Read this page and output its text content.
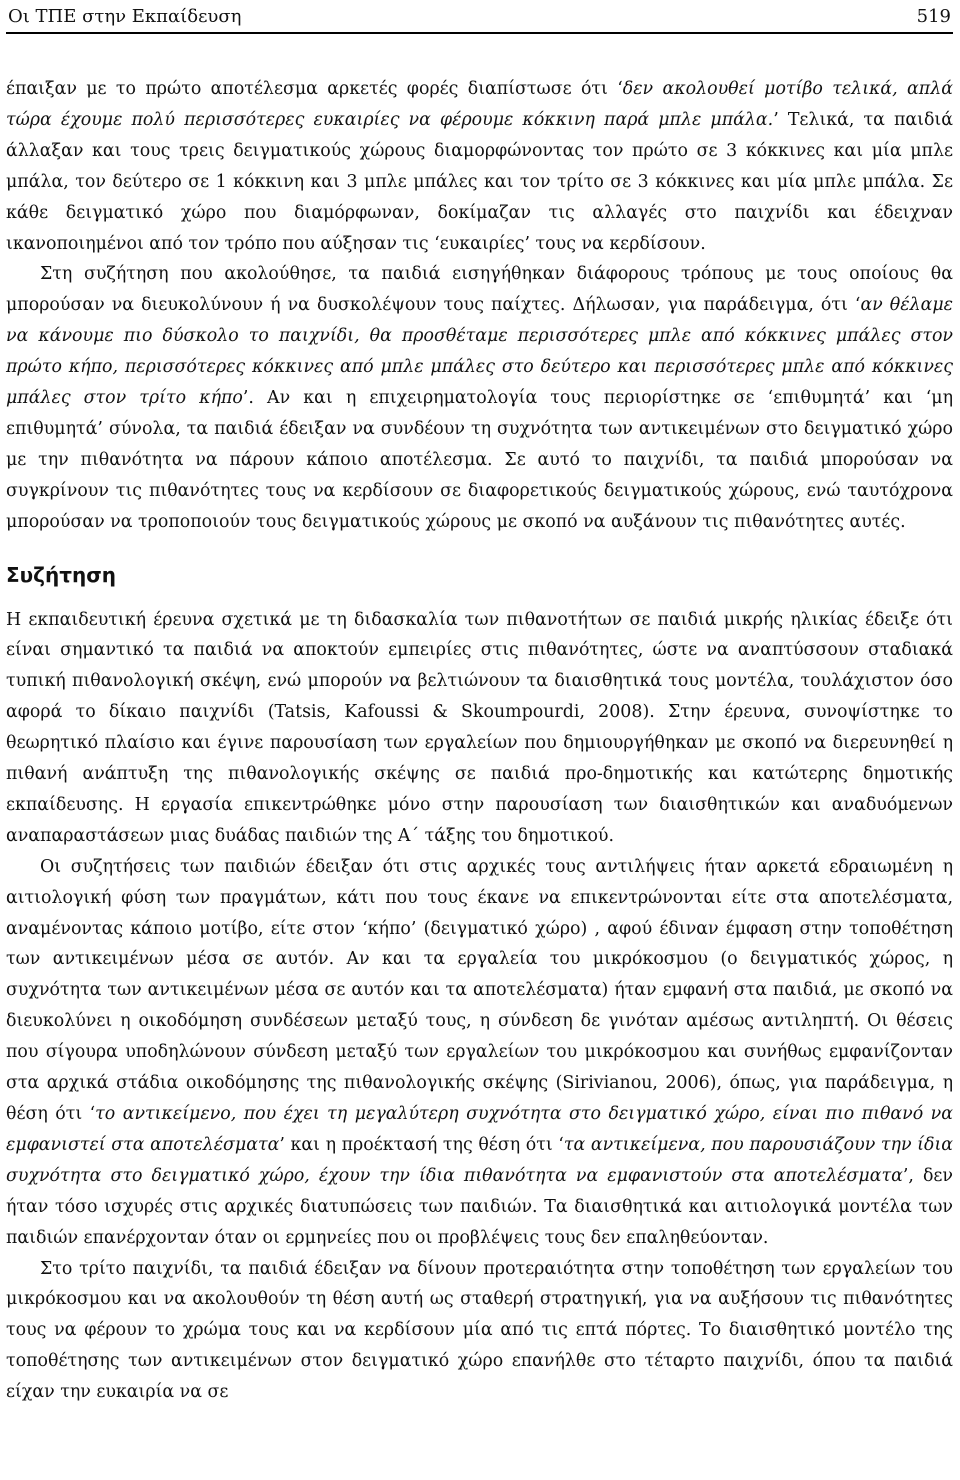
Οι ΤΠΕ στην Εκπαίδευση	519

έπαιξαν με το πρώτο αποτέλεσμα αρκετές φορές διαπίστωσε ότι ‘δεν ακολουθεί μοτίβο τελικά, απλά τώρα έχουμε πολύ περισσότερες ευκαιρίες να φέρουμε κόκκινη παρά μπλε μπάλα.’ Τελικά, τα παιδιά άλλαξαν και τους τρεις δειγματικούς χώρους διαμορφώνοντας τον πρώτο σε 3 κόκκινες και μία μπλε μπάλα, τον δεύτερο σε 1 κόκκινη και 3 μπλε μπάλες και τον τρίτο σε 3 κόκκινες και μία μπλε μπάλα. Σε κάθε δειγματικό χώρο που διαμόρφωναν, δοκίμαζαν τις αλλαγές στο παιχνίδι και έδειχναν ικανοποιημένοι από τον τρόπο που αύξησαν τις ‘ευκαιρίες’ τους να κερδίσουν.

Στη συζήτηση που ακολούθησε, τα παιδιά εισηγήθηκαν διάφορους τρόπους με τους οποίους θα μπορούσαν να διευκολύνουν ή να δυσκολέψουν τους παίχτες. Δήλωσαν, για παράδειγμα, ότι ‘αν θέλαμε να κάνουμε πιο δύσκολο το παιχνίδι, θα προσθέταμε περισσότερες μπλε από κόκκινες μπάλες στον πρώτο κήπο, περισσότερες κόκκινες από μπλε μπάλες στο δεύτερο και περισσότερες μπλε από κόκκινες μπάλες στον τρίτο κήπο’. Αν και η επιχειρηματολογία τους περιορίστηκε σε ‘επιθυμητά’ και ‘μη επιθυμητά’ σύνολα, τα παιδιά έδειξαν να συνδέουν τη συχνότητα των αντικειμένων στο δειγματικό χώρο με την πιθανότητα να πάρουν κάποιο αποτέλεσμα. Σε αυτό το παιχνίδι, τα παιδιά μπορούσαν να συγκρίνουν τις πιθανότητες τους να κερδίσουν σε διαφορετικούς δειγματικούς χώρους, ενώ ταυτόχρονα μπορούσαν να τροποποιούν τους δειγματικούς χώρους με σκοπό να αυξάνουν τις πιθανότητες αυτές.

Συζήτηση

Η εκπαιδευτική έρευνα σχετικά με τη διδασκαλία των πιθανοτήτων σε παιδιά μικρής ηλικίας έδειξε ότι είναι σημαντικό τα παιδιά να αποκτούν εμπειρίες στις πιθανότητες, ώστε να αναπτύσσουν σταδιακά τυπική πιθανολογική σκέψη, ενώ μπορούν να βελτιώνουν τα διαισθητικά τους μοντέλα, τουλάχιστον όσο αφορά το δίκαιο παιχνίδι (Tatsis, Kafoussi & Skoumpourdi, 2008). Στην έρευνα, συνοψίστηκε το θεωρητικό πλαίσιο και έγινε παρουσίαση των εργαλείων που δημιουργήθηκαν με σκοπό να διερευνηθεί η πιθανή ανάπτυξη της πιθανολογικής σκέψης σε παιδιά προ-δημοτικής και κατώτερης δημοτικής εκπαίδευσης. Η εργασία επικεντρώθηκε μόνο στην παρουσίαση των διαισθητικών και αναδυόμενων αναπαραστάσεων μιας δυάδας παιδιών της Α΄ τάξης του δημοτικού.

Οι συζητήσεις των παιδιών έδειξαν ότι στις αρχικές τους αντιλήψεις ήταν αρκετά εδραιωμένη η αιτιολογική φύση των πραγμάτων, κάτι που τους έκανε να επικεντρώνονται είτε στα αποτελέσματα, αναμένοντας κάποιο μοτίβο, είτε στον ‘κήπο’ (δειγματικό χώρο) , αφού έδιναν έμφαση στην τοποθέτηση των αντικειμένων μέσα σε αυτόν. Αν και τα εργαλεία του μικρόκοσμου (ο δειγματικός χώρος, η συχνότητα των αντικειμένων μέσα σε αυτόν και τα αποτελέσματα) ήταν εμφανή στα παιδιά, με σκοπό να διευκολύνει η οικοδόμηση συνδέσεων μεταξύ τους, η σύνδεση δε γινόταν αμέσως αντιληπτή. Οι θέσεις που σίγουρα υποδηλώνουν σύνδεση μεταξύ των εργαλείων του μικρόκοσμου και συνήθως εμφανίζονταν στα αρχικά στάδια οικοδόμησης της πιθανολογικής σκέψης (Sirivianou, 2006), όπως, για παράδειγμα, η θέση ότι ‘το αντικείμενο, που έχει τη μεγαλύτερη συχνότητα στο δειγματικό χώρο, είναι πιο πιθανό να εμφανιστεί στα αποτελέσματα’ και η προέκτασή της θέση ότι ‘τα αντικείμενα, που παρουσιάζουν την ίδια συχνότητα στο δειγματικό χώρο, έχουν την ίδια πιθανότητα να εμφανιστούν στα αποτελέσματα’, δεν ήταν τόσο ισχυρές στις αρχικές διατυπώσεις των παιδιών. Τα διαισθητικά και αιτιολογικά μοντέλα των παιδιών επανέρχονταν όταν οι ερμηνείες που οι προβλέψεις τους δεν επαληθεύονταν.

Στο τρίτο παιχνίδι, τα παιδιά έδειξαν να δίνουν προτεραιότητα στην τοποθέτηση των εργαλείων του μικρόκοσμου και να ακολουθούν τη θέση αυτή ως σταθερή στρατηγική, για να αυξήσουν τις πιθανότητες τους να φέρουν το χρώμα τους και να κερδίσουν μία από τις επτά πόρτες. Το διαισθητικό μοντέλο της τοποθέτησης των αντικειμένων στον δειγματικό χώρο επανήλθε στο τέταρτο παιχνίδι, όπου τα παιδιά είχαν την ευκαιρία να σε
